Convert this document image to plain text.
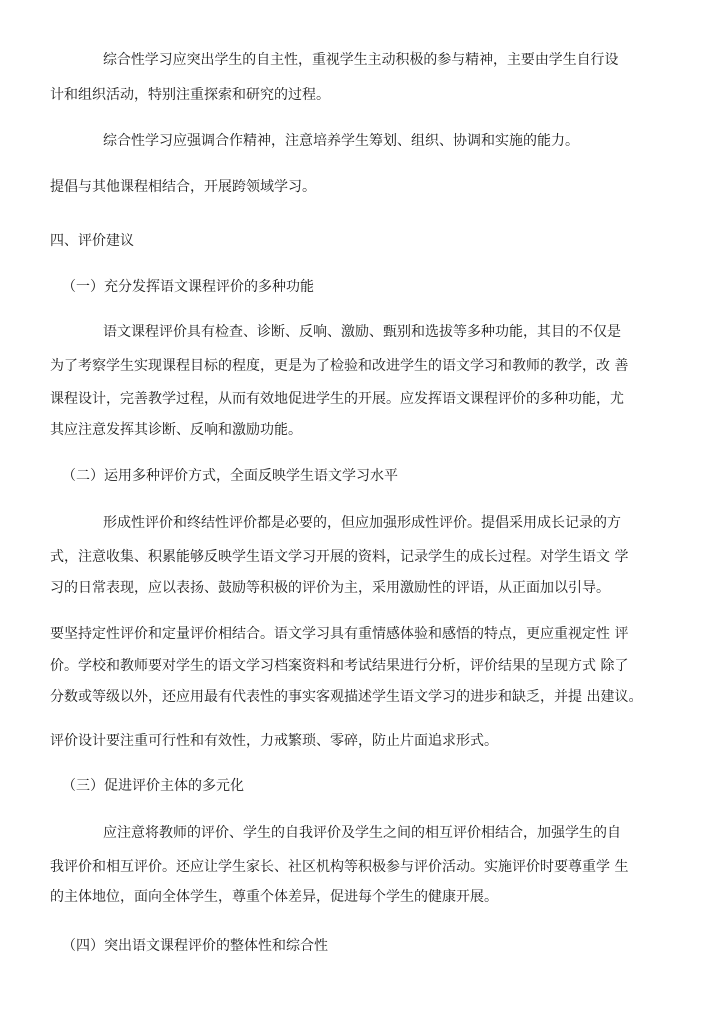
综合性学习应突出学生的自主性，重视学生主动积极的参与精神，主要由学生自行设
计和组织活动，特别注重探索和研究的过程。
综合性学习应强调合作精神，注意培养学生筹划、组织、协调和实施的能力。
提倡与其他课程相结合，开展跨领域学习。
四、评价建议
（一）充分发挥语文课程评价的多种功能
语文课程评价具有检查、诊断、反响、激励、甄别和选拔等多种功能，其目的不仅是
为了考察学生实现课程目标的程度，更是为了检验和改进学生的语文学习和教师的教学，改 善
课程设计，完善教学过程，从而有效地促进学生的开展。应发挥语文课程评价的多种功能，尤
其应注意发挥其诊断、反响和激励功能。
（二）运用多种评价方式，全面反映学生语文学习水平
形成性评价和终结性评价都是必要的，但应加强形成性评价。提倡采用成长记录的方
式，注意收集、积累能够反映学生语文学习开展的资料，记录学生的成长过程。对学生语文 学
习的日常表现，应以表扬、鼓励等积极的评价为主，采用激励性的评语，从正面加以引导。
要坚持定性评价和定量评价相结合。语文学习具有重情感体验和感悟的特点，更应重视定性 评
价。学校和教师要对学生的语文学习档案资料和考试结果进行分析，评价结果的呈现方式 除了
分数或等级以外，还应用最有代表性的事实客观描述学生语文学习的进步和缺乏，并提 出建议。
评价设计要注重可行性和有效性，力戒繁琐、零碎，防止片面追求形式。
（三）促进评价主体的多元化
应注意将教师的评价、学生的自我评价及学生之间的相互评价相结合，加强学生的自
我评价和相互评价。还应让学生家长、社区机构等积极参与评价活动。实施评价时要尊重学 生
的主体地位，面向全体学生，尊重个体差异，促进每个学生的健康开展。
（四）突出语文课程评价的整体性和综合性
